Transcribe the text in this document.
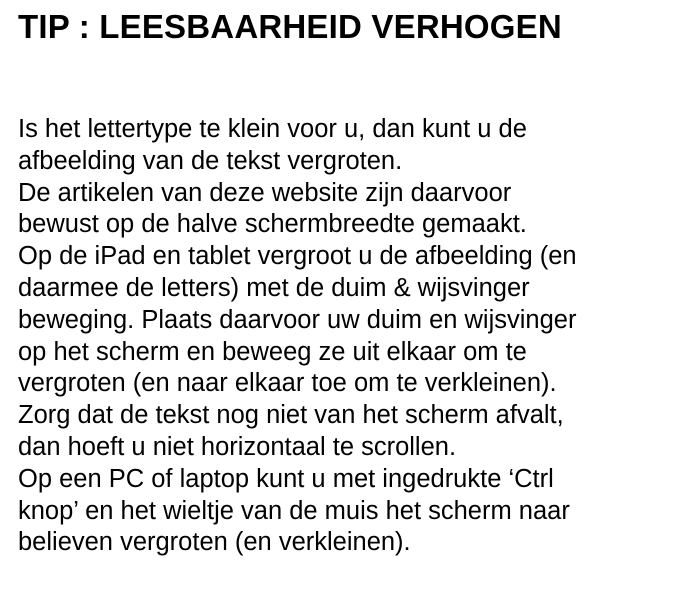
TIP : LEESBAARHEID VERHOGEN
Is het lettertype te klein voor u, dan kunt u de
afbeelding van de tekst vergroten.
De artikelen van deze website zijn daarvoor
bewust op de halve schermbreedte gemaakt.
Op de iPad en tablet vergroot u de afbeelding (en
daarmee de letters) met de duim & wijsvinger
beweging. Plaats daarvoor uw duim en wijsvinger
op het scherm en beweeg ze uit elkaar om te
vergroten (en naar elkaar toe om te verkleinen).
Zorg dat de tekst nog niet van het scherm afvalt,
dan hoeft u niet horizontaal te scrollen.
Op een PC of laptop kunt u met ingedrukte ‘Ctrl
knop’ en het wieltje van de muis het scherm naar
believen vergroten (en verkleinen).
